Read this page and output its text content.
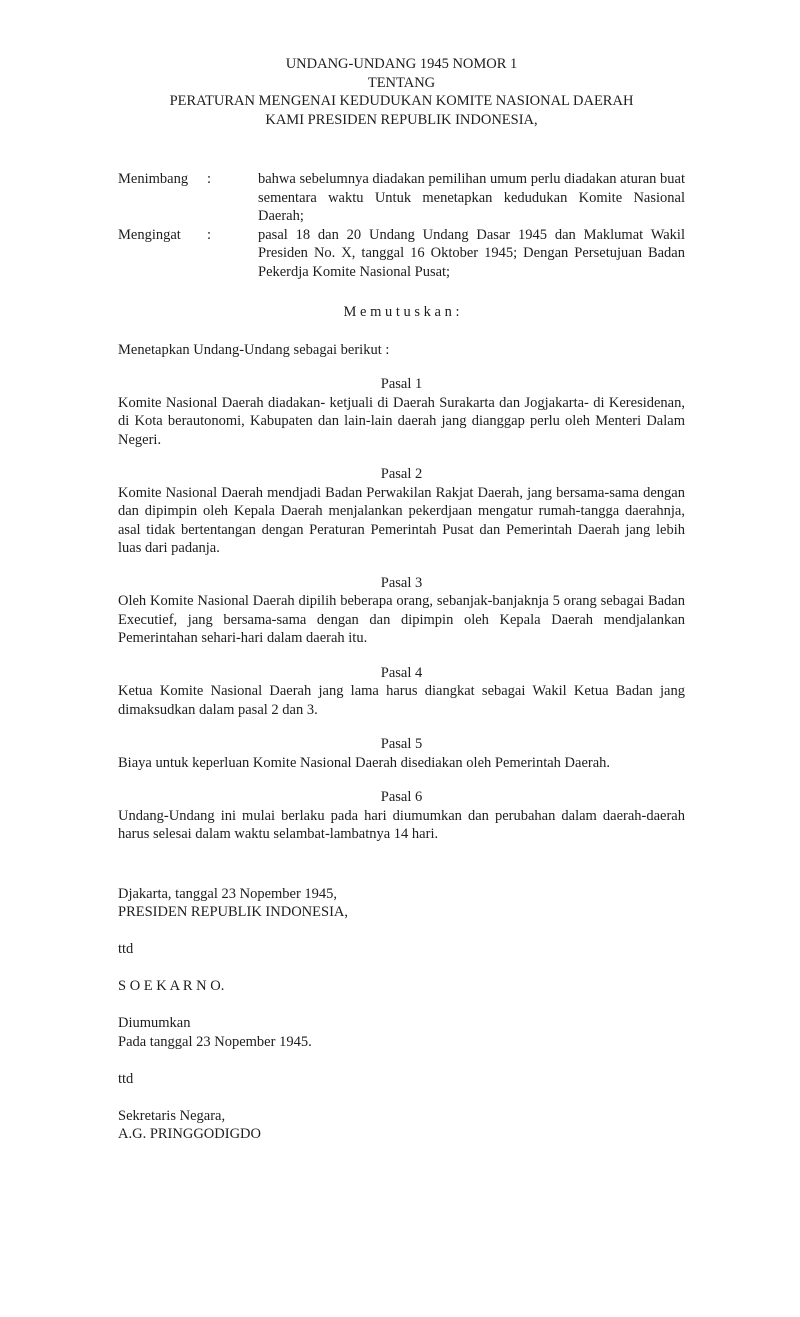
UNDANG-UNDANG 1945 NOMOR 1
TENTANG
PERATURAN MENGENAI KEDUDUKAN KOMITE NASIONAL DAERAH
KAMI PRESIDEN REPUBLIK INDONESIA,
Menimbang	:	bahwa sebelumnya diadakan pemilihan umum perlu diadakan aturan buat sementara waktu Untuk menetapkan kedudukan Komite Nasional Daerah;
Mengingat	:	pasal 18 dan 20 Undang Undang Dasar 1945 dan Maklumat Wakil Presiden No. X, tanggal 16 Oktober 1945; Dengan Persetujuan Badan Pekerdja Komite Nasional Pusat;
M e m u t u s k a n :

Menetapkan Undang-Undang sebagai berikut :

Pasal 1

Komite Nasional Daerah diadakan- ketjuali di Daerah Surakarta dan Jogjakarta- di Keresidenan, di Kota berautonomi, Kabupaten dan lain-lain daerah jang dianggap perlu oleh Menteri Dalam Negeri.

Pasal 2

Komite Nasional Daerah mendjadi Badan Perwakilan Rakjat Daerah, jang bersama-sama dengan dan dipimpin oleh Kepala Daerah menjalankan pekerdjaan mengatur rumah-tangga daerahnja, asal tidak bertentangan dengan Peraturan Pemerintah Pusat dan Pemerintah Daerah jang lebih luas dari padanja.

Pasal 3

Oleh Komite Nasional Daerah dipilih beberapa orang, sebanjak-banjaknja 5 orang sebagai Badan Executief, jang bersama-sama dengan dan dipimpin oleh Kepala Daerah mendjalankan Pemerintahan sehari-hari dalam daerah itu.

Pasal 4

Ketua Komite Nasional Daerah jang lama harus diangkat sebagai Wakil Ketua Badan jang dimaksudkan dalam pasal 2 dan 3.

Pasal 5

Biaya untuk keperluan Komite Nasional Daerah disediakan oleh Pemerintah Daerah.

Pasal 6

Undang-Undang ini mulai berlaku pada hari diumumkan dan perubahan dalam daerah-daerah harus selesai dalam waktu selambat-lambatnya 14 hari.

Djakarta, tanggal 23 Nopember 1945,
PRESIDEN REPUBLIK INDONESIA,
ttd
S O E K A R N O.
Diumumkan
Pada tanggal 23 Nopember 1945.
ttd
Sekretaris Negara,
A.G. PRINGGODIGDO
